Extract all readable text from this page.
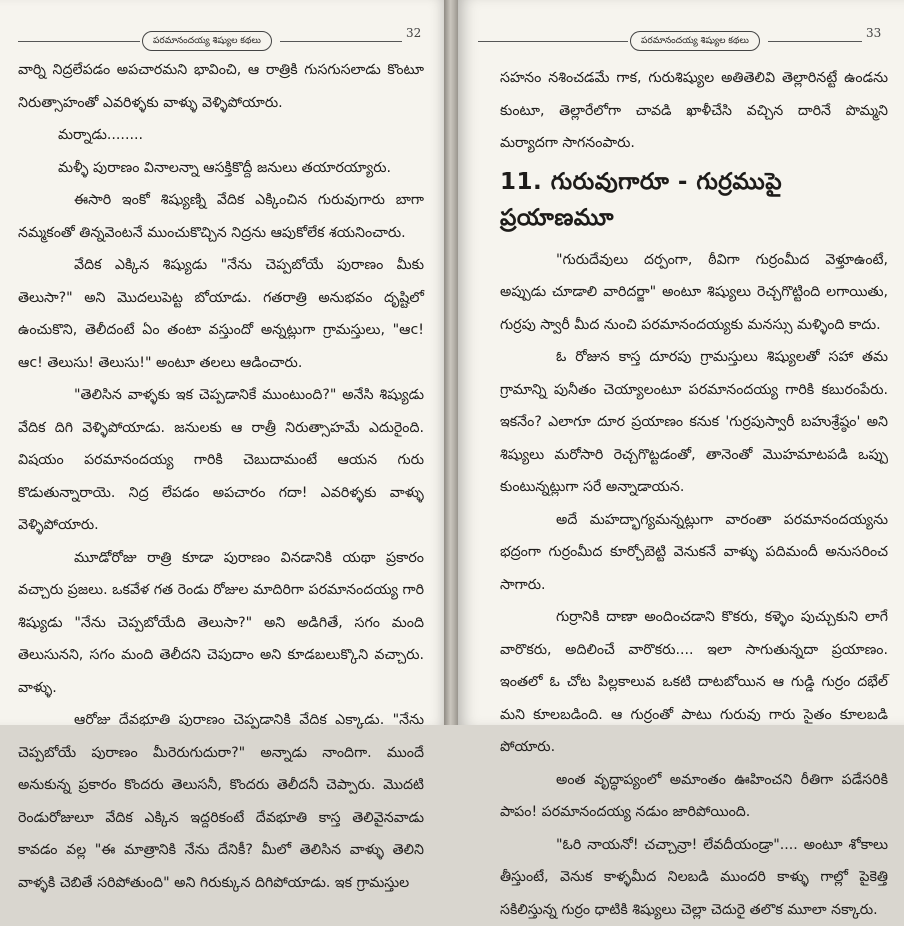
పరమానందయ్య శిష్యుల కథలు
32

వార్ని నిద్రలేపడం అపచారమని భావించి, ఆ రాత్రికి గుసగుసలాడు కొంటూ నిరుత్సాహంతో ఎవరిళ్ళకు వాళ్ళు వెళ్ళిపోయారు.

మర్నాడు........

మళ్ళీ పురాణం వినాలన్నా ఆసక్తికొద్దీ జనులు తయారయ్యారు.

ఈసారి ఇంకో శిష్యుణ్ని వేదిక ఎక్కించిన గురువుగారు బాగా నమ్మకంతో తిన్నవెంటనే ముంచుకొచ్చిన నిద్రను ఆపుకోలేక శయనించారు.

వేదిక ఎక్కిన శిష్యుడు "నేను చెప్పబోయే పురాణం మీకు తెలుసా?" అని మొదలుపెట్ట బోయాడు. గతరాత్రి అనుభవం దృష్టిలో ఉంచుకొని, తెలీదంటే ఏం తంటా వస్తుందో అన్నట్లుగా గ్రామస్తులు, "ఆc! ఆc! తెలుసు! తెలుసు!" అంటూ తలలు ఆడించారు.

"తెలిసిన వాళ్ళకు ఇక చెప్పడానికే ముంటుంది?" అనేసి శిష్యుడు వేదిక దిగి వెళ్ళిపోయాడు. జనులకు ఆ రాత్రీ నిరుత్సాహమే ఎదురైంది. విషయం పరమానందయ్య గారికి చెబుదామంటే ఆయన గురు కొడుతున్నారాయె. నిద్ర లేపడం అపచారం గదా! ఎవరిళ్ళకు వాళ్ళు వెళ్ళిపోయారు.

మూడోరోజు రాత్రి కూడా పురాణం వినడానికి యథా ప్రకారం వచ్చారు ప్రజలు. ఒకవేళ గత రెండు రోజుల మాదిరిగా పరమానందయ్య గారి శిష్యుడు "నేను చెప్పబోయేది తెలుసా?" అని అడిగితే, సగం మంది తెలుసునని, సగం మంది తెలీదని చెపుదాం అని కూడబలుక్కొని వచ్చారు. వాళ్ళు.

ఆరోజు దేవభూతి పురాణం చెప్పడానికి వేదిక ఎక్కాడు. "నేను చెప్పబోయే పురాణం మీరెరుగుదురా?" అన్నాడు నాందిగా. ముందే అనుకున్న ప్రకారం కొందరు తెలుసనీ, కొందరు తెలీదనీ చెప్పారు. మొదటి రెండురోజులూ వేదిక ఎక్కిన ఇద్దరికంటే దేవభూతి కాస్త తెలివైనవాడు కావడం వల్ల "ఈ మాత్రానికి నేను దేనికీ? మీలో తెలిసిన వాళ్ళు తెలిని వాళ్ళకి చెబితే సరిపోతుంది" అని గిరుక్కున దిగిపోయాడు. ఇక గ్రామస్తుల

పరమానందయ్య శిష్యుల కథలు
33

సహనం నశించడమే గాక, గురుశిష్యుల అతితెలివి తెల్లారినట్టే ఉండను కుంటూ, తెల్లారేలోగా చావడి ఖాళీచేసి వచ్చిన దారినే పొమ్మని మర్యాదగా సాగనంపారు.

11. గురువుగారూ - గుర్రముపై ప్రయాణమూ

"గురుదేవులు దర్పంగా, ఠీవిగా గుర్రంమీద వెళ్తూఉంటే, అప్పుడు చూడాలి వారిదర్జా" అంటూ శిష్యులు రెచ్చగొట్టింది లగాయితు, గుర్రపు స్వారీ మీద నుంచి పరమానందయ్యకు మనస్సు మళ్ళింది కాదు.

ఓ రోజున కాస్త దూరపు గ్రామస్తులు శిష్యులతో సహా తమ గ్రామాన్ని పునీతం చెయ్యాలంటూ పరమానందయ్య గారికి కబురంపేరు. ఇకనేం? ఎలాగూ దూర ప్రయాణం కనుక 'గుర్రపుస్వారీ బహుశ్రేష్ఠం' అని శిష్యులు మరోసారి రెచ్చగొట్టడంతో, తానెంతో మొహమాటపడి ఒప్పు కుంటున్నట్లుగా సరే అన్నాడాయన.

అదే మహద్భాగ్యమన్నట్లుగా వారంతా పరమానందయ్యను భద్రంగా గుర్రంమీద కూర్చోబెట్టి వెనుకనే వాళ్ళు పదిమందీ అనుసరించ సాగారు.

గుర్రానికి దాణా అందించడాని కొకరు, కళ్ళెం పుచ్చుకుని లాగే వారొకరు, అదిలించే వారొకరు.... ఇలా సాగుతున్నదా ప్రయాణం. ఇంతలో ఓ చోట పిల్లకాలువ ఒకటి దాటబోయిన ఆ గుడ్డి గుర్రం దభేల్ మని కూలబడింది. ఆ గుర్రంతో పాటు గురువు గారు సైతం కూలబడి పోయారు.

అంత వృద్ధాప్యంలో అమాంతం ఊహించని రీతిగా పడేసరికి పాపం! పరమానందయ్య నడుం జారిపోయింది.

"ఓరి నాయనో! చచ్చాన్రా! లేవదీయండ్రా".... అంటూ శోకాలు తీస్తుంటే, వెనుక కాళ్ళమీద నిలబడి ముందరి కాళ్ళు గాల్లో పైకెత్తి సకిలిస్తున్న గుర్రం ధాటికి శిష్యులు చెల్లా చెదురై తలొక మూలా నక్కారు.
